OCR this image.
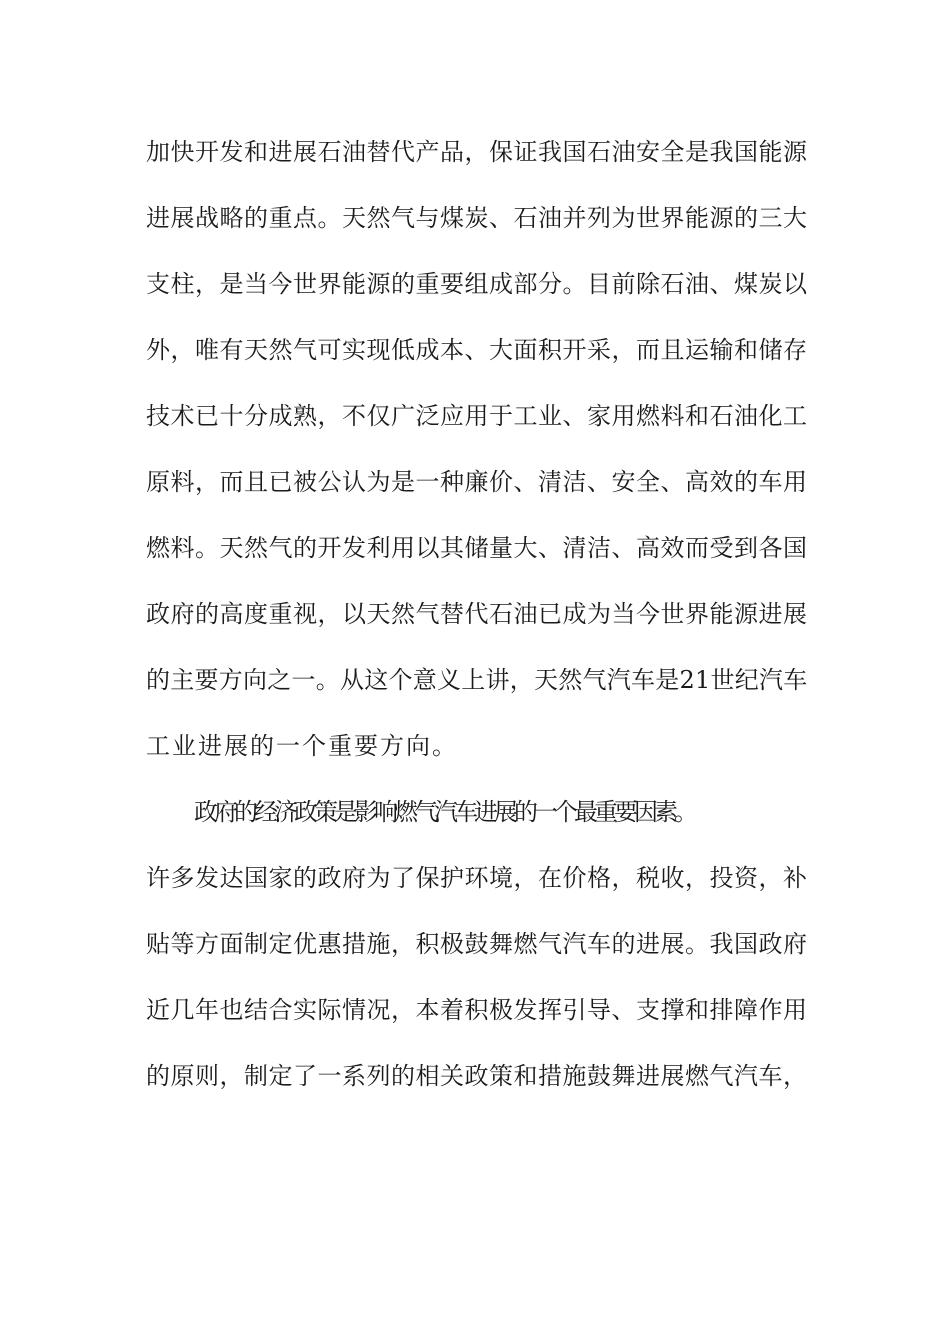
加快开发和进展石油替代产品，保证我国石油安全是我国能源
进展战略的重点。天然气与煤炭、石油并列为世界能源的三大
支柱，是当今世界能源的重要组成部分。目前除石油、煤炭以
外，唯有天然气可实现低成本、大面积开采，而且运输和储存
技术已十分成熟，不仅广泛应用于工业、家用燃料和石油化工
原料，而且已被公认为是一种廉价、清洁、安全、高效的车用
燃料。天然气的开发利用以其储量大、清洁、高效而受到各国
政府的高度重视，以天然气替代石油已成为当今世界能源进展
的主要方向之一。从这个意义上讲，天然气汽车是21世纪汽车
工业进展的一个重要方向。
政府的经济政策是影响燃气汽车进展的一个最重要因素。
许多发达国家的政府为了保护环境，在价格，税收，投资，补
贴等方面制定优惠措施，积极鼓舞燃气汽车的进展。我国政府
近几年也结合实际情况，本着积极发挥引导、支撑和排障作用
的原则，制定了一系列的相关政策和措施鼓舞进展燃气汽车，
